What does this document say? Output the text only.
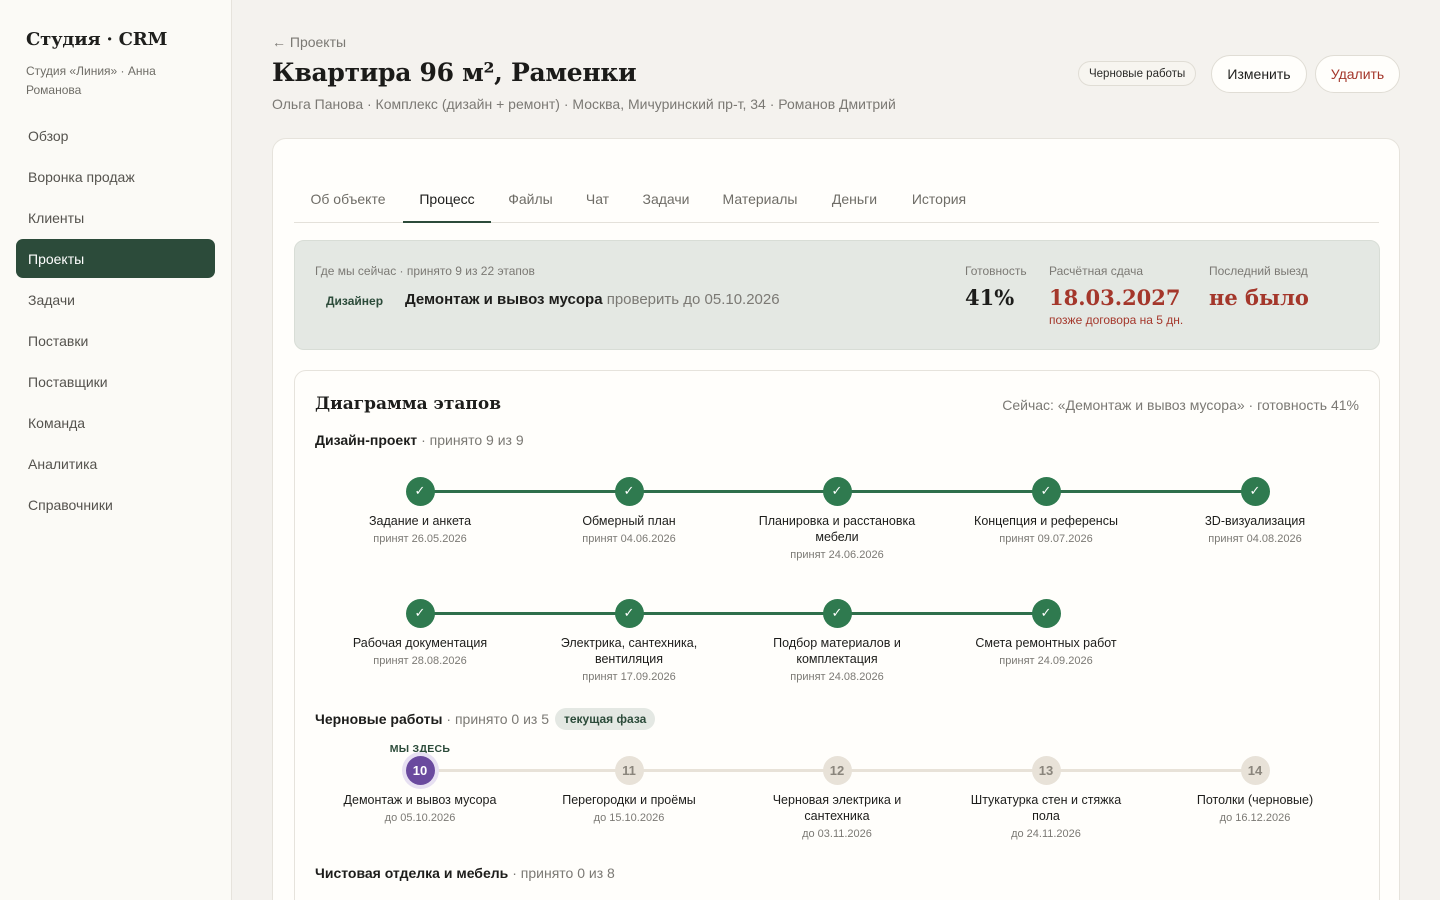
Студия · CRM
Студия «Линия» · Анна Романова
Обзор
Воронка продаж
Клиенты
Проекты
Задачи
Поставки
Поставщики
Команда
Аналитика
Справочники
← Проекты
Квартира 96 м², Раменки
Ольга Панова · Комплекс (дизайн + ремонт) · Москва, Мичуринский пр-т, 34 · Романов Дмитрий
Черновые работы	Изменить	Удалить
Об объекте	Процесс	Файлы Чат Задачи Материалы Деньги История
Где мы сейчас · принято 9 из 22 этапов
Дизайнер Демонтаж и вывоз мусора проверить до 05.10.2026
Готовность
41%
Расчётная сдача
18.03.2027
позже договора на 5 дн.
Последний выезд
не было
Диаграмма этапов	Сейчас: «Демонтаж и вывоз мусора» · готовность 41%
Дизайн-проект · принято 9 из 9
Черновые работы · принято 0 из 5	текущая фаза
МЫ ЗДЕСЬ
Чистовая отделка и мебель · принято 0 из 8
✓
Задание и анкета
принят 26.05.2026
✓
Обмерный план
принят 04.06.2026
✓
Планировка и расстановка мебели
принят 24.06.2026
✓
Концепция и референсы
принят 09.07.2026
✓
3D-визуализация
принят 04.08.2026
✓
Рабочая документация
принят 28.08.2026
✓
Электрика, сантехника, вентиляция
принят 17.09.2026
✓
Подбор материалов и комплектация
принят 24.08.2026
✓
Смета ремонтных работ
принят 24.09.2026
10
Демонтаж и вывоз мусора
до 05.10.2026
11
Перегородки и проёмы
до 15.10.2026
12
Черновая электрика и сантехника
до 03.11.2026
13
Штукатурка стен и стяжка пола
до 24.11.2026
14
Потолки (черновые)
до 16.12.2026
